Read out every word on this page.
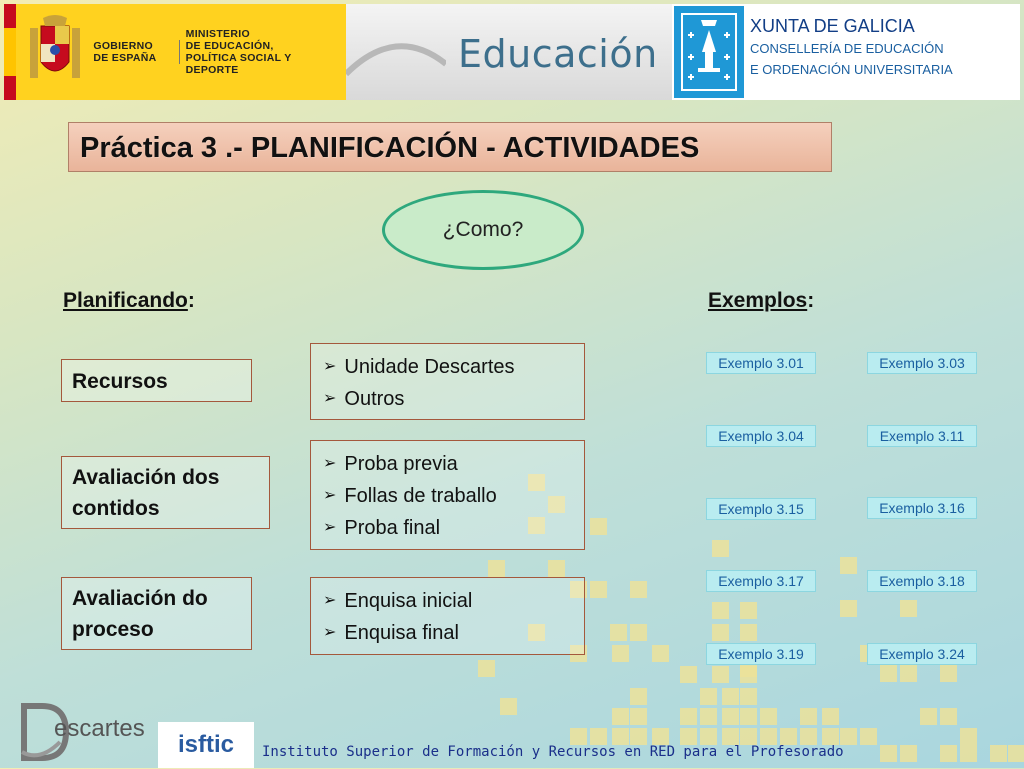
GOBIERNO
DE ESPAÑA
MINISTERIO
DE EDUCACIÓN,
POLÍTICA SOCIAL Y DEPORTE	Educación
XUNTA DE GALICIA
CONSELLERÍA DE EDUCACIÓN
E ORDENACIÓN UNIVERSITARIA
Práctica 3 .- PLANIFICACIÓN - ACTIVIDADES
¿Como?
Planificando:	Exemplos:
Recursos
Avaliación dos
contidos
Avaliación do
proceso
➢ Unidade Descartes
➢ Outros
➢ Proba previa
➢ Follas de traballo
➢ Proba final
➢ Enquisa inicial
➢ Enquisa final
Exemplo 3.01	Exemplo 3.03
Exemplo 3.04	Exemplo 3.11
Exemplo 3.15	Exemplo 3.16
Exemplo 3.17	Exemplo 3.18
Exemplo 3.19	Exemplo 3.24
escartes
isftic Instituto Superior de Formación y Recursos en RED para el Profesorado
